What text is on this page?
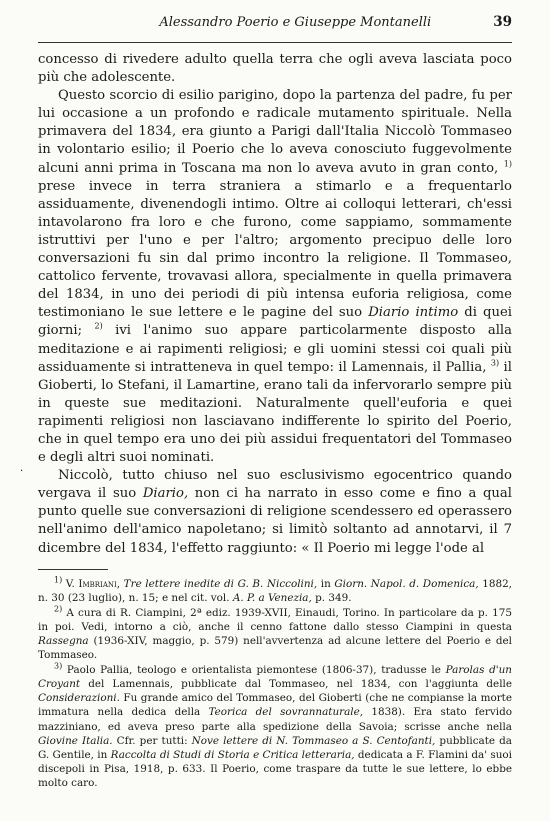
Alessandro Poerio e Giuseppe Montanelli	39

concesso di rivedere adulto quella terra che ogli aveva lasciata poco più che adolescente.

Questo scorcio di esilio parigino, dopo la partenza del padre, fu per lui occasione a un profondo e radicale mutamento spirituale. Nella primavera del 1834, era giunto a Parigi dall'Italia Niccolò Tommaseo in volontario esilio; il Poerio che lo aveva conosciuto fuggevolmente alcuni anni prima in Toscana ma non lo aveva avuto in gran conto, $^{1)}$ prese invece in terra straniera a stimarlo e a frequentarlo assiduamente, divenendogli intimo. Oltre ai colloqui letterari, ch'essi intavolarono fra loro e che furono, come sappiamo, sommamente istruttivi per l'uno e per l'altro; argomento precipuo delle loro conversazioni fu sin dal primo incontro la religione. Il Tommaseo, cattolico fervente, trovavasi allora, specialmente in quella primavera del 1834, in uno dei periodi di più intensa euforia religiosa, come testimoniano le sue lettere e le pagine del suo Diario intimo di quei giorni; $^{2)}$ ivi l'animo suo appare particolarmente disposto alla meditazione e ai rapimenti religiosi; e gli uomini stessi coi quali più assiduamente si intratteneva in quel tempo: il Lamennais, il Pallia, $^{3)}$ il Gioberti, lo Stefani, il Lamartine, erano tali da infervorarlo sempre più in queste sue meditazioni. Naturalmente quell'euforia e quei rapimenti religiosi non lasciavano indifferente lo spirito del Poerio, che in quel tempo era uno dei più assidui frequentatori del Tommaseo e degli altri suoi nominati.

Niccolò, tutto chiuso nel suo esclusivismo egocentrico quando vergava il suo Diario, non ci ha narrato in esso come e fino a qual punto quelle sue conversazioni di religione scendessero ed operassero nell'animo dell'amico napoletano; si limitò soltanto ad annotarvi, il 7 dicembre del 1834, l'effetto raggiunto: « Il Poerio mi legge l'ode al

$^{1)}$ V. Imbriani, Tre lettere inedite di G. B. Niccolini, in Giorn. Napol. d. Domenica, 1882, n. 30 (23 luglio), n. 15; e nel cit. vol. A. P. a Venezia, p. 349.

$^{2)}$ A cura di R. Ciampini, 2ª ediz. 1939-XVII, Einaudi, Torino. In particolare da p. 175 in poi. Vedi, intorno a ciò, anche il cenno fattone dallo stesso Ciampini in questa Rassegna (1936-XIV, maggio, p. 579) nell'avvertenza ad alcune lettere del Poerio e del Tommaseo.

$^{3)}$ Paolo Pallia, teologo e orientalista piemontese (1806-37), tradusse le Parolas d'un Croyant del Lamennais, pubblicate dal Tommaseo, nel 1834, con l'aggiunta delle Considerazioni. Fu grande amico del Tommaseo, del Gioberti (che ne compianse la morte immatura nella dedica della Teorica del sovrannaturale, 1838). Era stato fervido mazziniano, ed aveva preso parte alla spedizione della Savoia; scrisse anche nella Giovine Italia. Cfr. per tutti: Nove lettere di N. Tommaseo a S. Centofanti, pubblicate da G. Gentile, in Raccolta di Studi di Storia e Critica letteraria, dedicata a F. Flamini da' suoi discepoli in Pisa, 1918, p. 633. Il Poerio, come traspare da tutte le sue lettere, lo ebbe molto caro.

·
